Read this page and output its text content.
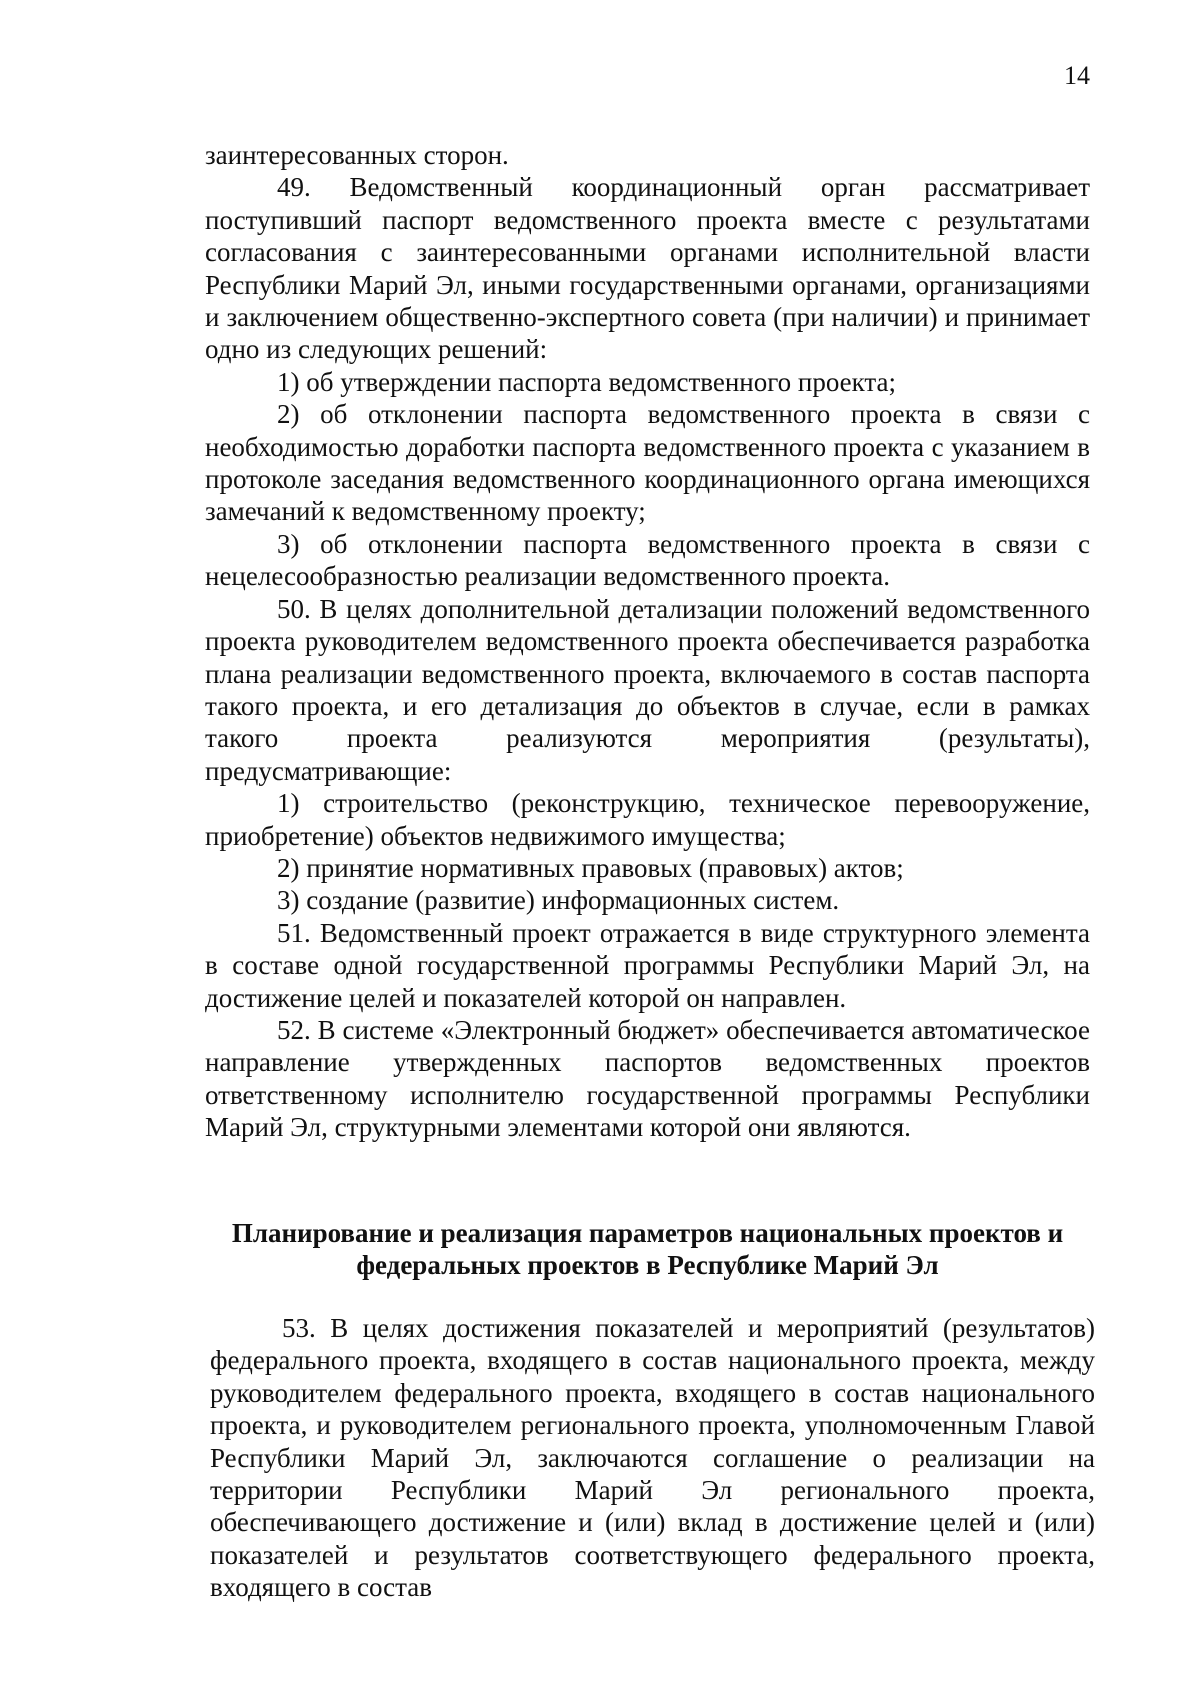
14

заинтересованных сторон.

49. Ведомственный координационный орган рассматривает поступивший паспорт ведомственного проекта вместе с результатами согласования с заинтересованными органами исполнительной власти Республики Марий Эл, иными государственными органами, организациями и заключением общественно-экспертного совета (при наличии) и принимает одно из следующих решений:

1) об утверждении паспорта ведомственного проекта;

2) об отклонении паспорта ведомственного проекта в связи с необходимостью доработки паспорта ведомственного проекта с указанием в протоколе заседания ведомственного координационного органа имеющихся замечаний к ведомственному проекту;

3) об отклонении паспорта ведомственного проекта в связи с нецелесообразностью реализации ведомственного проекта.

50. В целях дополнительной детализации положений ведомственного проекта руководителем ведомственного проекта обеспечивается разработка плана реализации ведомственного проекта, включаемого в состав паспорта такого проекта, и его детализация до объектов в случае, если в рамках такого проекта реализуются мероприятия (результаты), предусматривающие:

1) строительство (реконструкцию, техническое перевооружение, приобретение) объектов недвижимого имущества;

2) принятие нормативных правовых (правовых) актов;

3) создание (развитие) информационных систем.

51. Ведомственный проект отражается в виде структурного элемента в составе одной государственной программы Республики Марий Эл, на достижение целей и показателей которой он направлен.

52. В системе «Электронный бюджет» обеспечивается автоматическое направление утвержденных паспортов ведомственных проектов ответственному исполнителю государственной программы Республики Марий Эл, структурными элементами которой они являются.

Планирование и реализация параметров национальных проектов и федеральных проектов в Республике Марий Эл

53. В целях достижения показателей и мероприятий (результатов) федерального проекта, входящего в состав национального проекта, между руководителем федерального проекта, входящего в состав национального проекта, и руководителем регионального проекта, уполномоченным Главой Республики Марий Эл, заключаются соглашение о реализации на территории Республики Марий Эл регионального проекта, обеспечивающего достижение и (или) вклад в достижение целей и (или) показателей и результатов соответствующего федерального проекта, входящего в состав
